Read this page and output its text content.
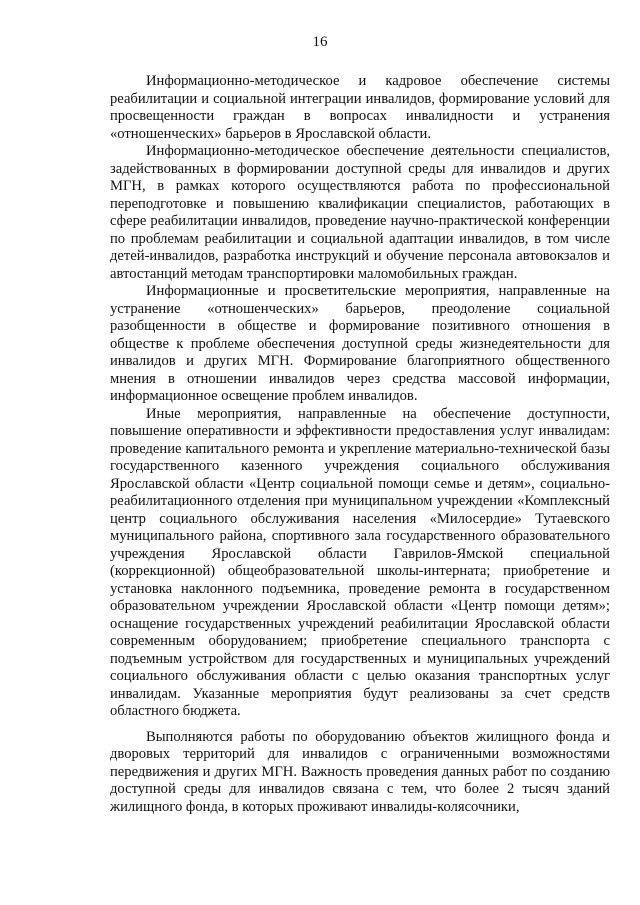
16

Информационно-методическое и кадровое обеспечение системы реабилитации и социальной интеграции инвалидов, формирование условий для просвещенности граждан в вопросах инвалидности и устранения «отношенческих» барьеров в Ярославской области.

Информационно-методическое обеспечение деятельности специалистов, задействованных в формировании доступной среды для инвалидов и других МГН, в рамках которого осуществляются работа по профессиональной переподготовке и повышению квалификации специалистов, работающих в сфере реабилитации инвалидов, проведение научно-практической конференции по проблемам реабилитации и социальной адаптации инвалидов, в том числе детей-инвалидов, разработка инструкций и обучение персонала автовокзалов и автостанций методам транспортировки маломобильных граждан.

Информационные и просветительские мероприятия, направленные на устранение «отношенческих» барьеров, преодоление социальной разобщенности в обществе и формирование позитивного отношения в обществе к проблеме обеспечения доступной среды жизнедеятельности для инвалидов и других МГН. Формирование благоприятного общественного мнения в отношении инвалидов через средства массовой информации, информационное освещение проблем инвалидов.

Иные мероприятия, направленные на обеспечение доступности, повышение оперативности и эффективности предоставления услуг инвалидам: проведение капитального ремонта и укрепление материально-технической базы государственного казенного учреждения социального обслуживания Ярославской области «Центр социальной помощи семье и детям», социально-реабилитационного отделения при муниципальном учреждении «Комплексный центр социального обслуживания населения «Милосердие» Тутаевского муниципального района, спортивного зала государственного образовательного учреждения Ярославской области Гаврилов-Ямской специальной (коррекционной) общеобразовательной школы-интерната; приобретение и установка наклонного подъемника, проведение ремонта в государственном образовательном учреждении Ярославской области «Центр помощи детям»; оснащение государственных учреждений реабилитации Ярославской области современным оборудованием; приобретение специального транспорта с подъемным устройством для государственных и муниципальных учреждений социального обслуживания области с целью оказания транспортных услуг инвалидам. Указанные мероприятия будут реализованы за счет средств областного бюджета.

Выполняются работы по оборудованию объектов жилищного фонда и дворовых территорий для инвалидов с ограниченными возможностями передвижения и других МГН. Важность проведения данных работ по созданию доступной среды для инвалидов связана с тем, что более 2 тысяч зданий жилищного фонда, в которых проживают инвалиды-колясочники,
